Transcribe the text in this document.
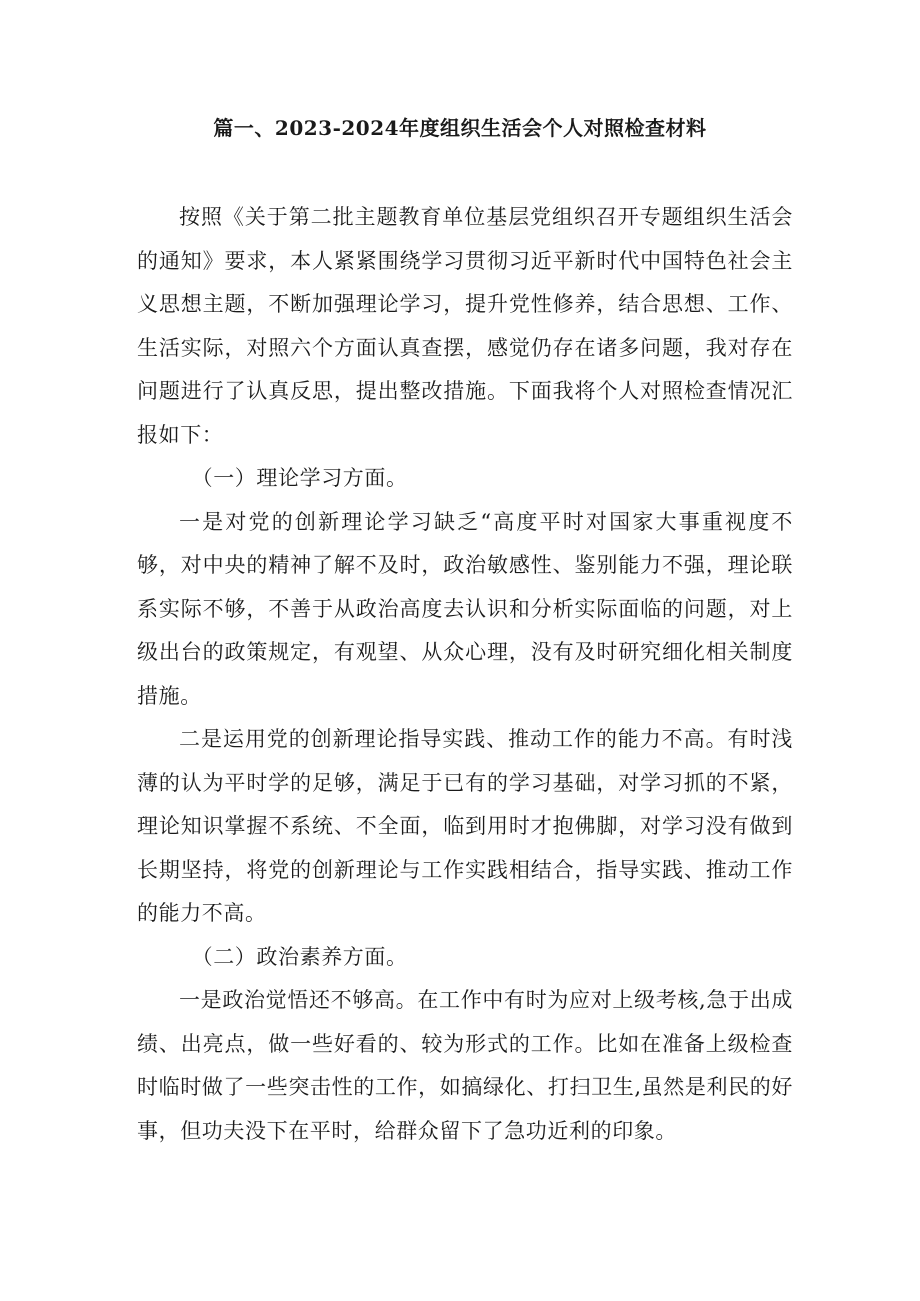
篇一、2023-2024年度组织生活会个人对照检查材料

按照《关于第二批主题教育单位基层党组织召开专题组织生活会的通知》要求，本人紧紧围绕学习贯彻习近平新时代中国特色社会主义思想主题，不断加强理论学习，提升党性修养，结合思想、工作、生活实际，对照六个方面认真查摆，感觉仍存在诸多问题，我对存在问题进行了认真反思，提出整改措施。下面我将个人对照检查情况汇报如下：

（一）理论学习方面。

一是对党的创新理论学习缺乏“高度平时对国家大事重视度不够，对中央的精神了解不及时，政治敏感性、鉴别能力不强，理论联系实际不够，不善于从政治高度去认识和分析实际面临的问题，对上级出台的政策规定，有观望、从众心理，没有及时研究细化相关制度措施。

二是运用党的创新理论指导实践、推动工作的能力不高。有时浅薄的认为平时学的足够，满足于已有的学习基础，对学习抓的不紧，理论知识掌握不系统、不全面，临到用时才抱佛脚，对学习没有做到长期坚持，将党的创新理论与工作实践相结合，指导实践、推动工作的能力不高。

（二）政治素养方面。

一是政治觉悟还不够高。在工作中有时为应对上级考核,急于出成绩、出亮点，做一些好看的、较为形式的工作。比如在准备上级检查时临时做了一些突击性的工作，如搞绿化、打扫卫生,虽然是利民的好事，但功夫没下在平时，给群众留下了急功近利的印象。
